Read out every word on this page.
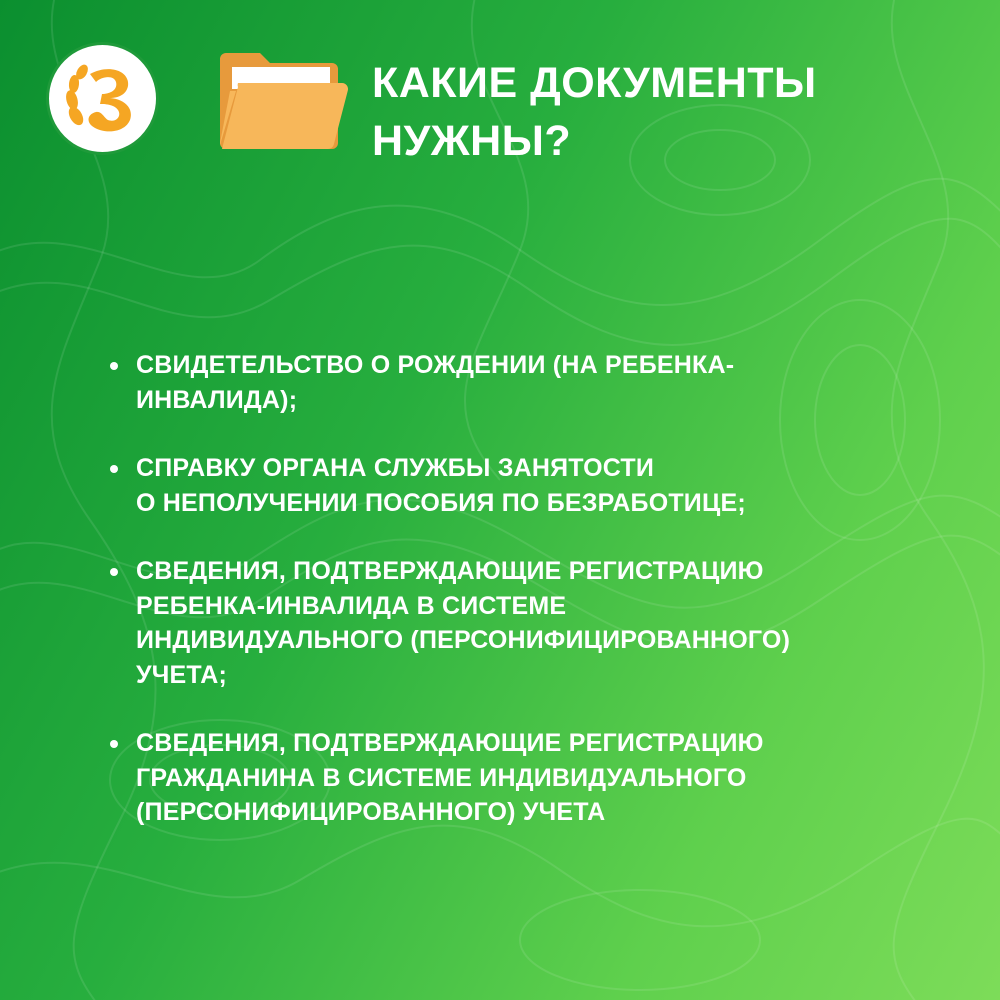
КАКИЕ ДОКУМЕНТЫ
НУЖНЫ?
СВИДЕТЕЛЬСТВО О РОЖДЕНИИ (НА РЕБЕНКА-
ИНВАЛИДА);
СПРАВКУ ОРГАНА СЛУЖБЫ ЗАНЯТОСТИ
О НЕПОЛУЧЕНИИ ПОСОБИЯ ПО БЕЗРАБОТИЦЕ;
СВЕДЕНИЯ, ПОДТВЕРЖДАЮЩИЕ РЕГИСТРАЦИЮ
РЕБЕНКА-ИНВАЛИДА В СИСТЕМЕ
ИНДИВИДУАЛЬНОГО (ПЕРСОНИФИЦИРОВАННОГО)
УЧЕТА;
СВЕДЕНИЯ, ПОДТВЕРЖДАЮЩИЕ РЕГИСТРАЦИЮ
ГРАЖДАНИНА В СИСТЕМЕ ИНДИВИДУАЛЬНОГО
(ПЕРСОНИФИЦИРОВАННОГО) УЧЕТА
